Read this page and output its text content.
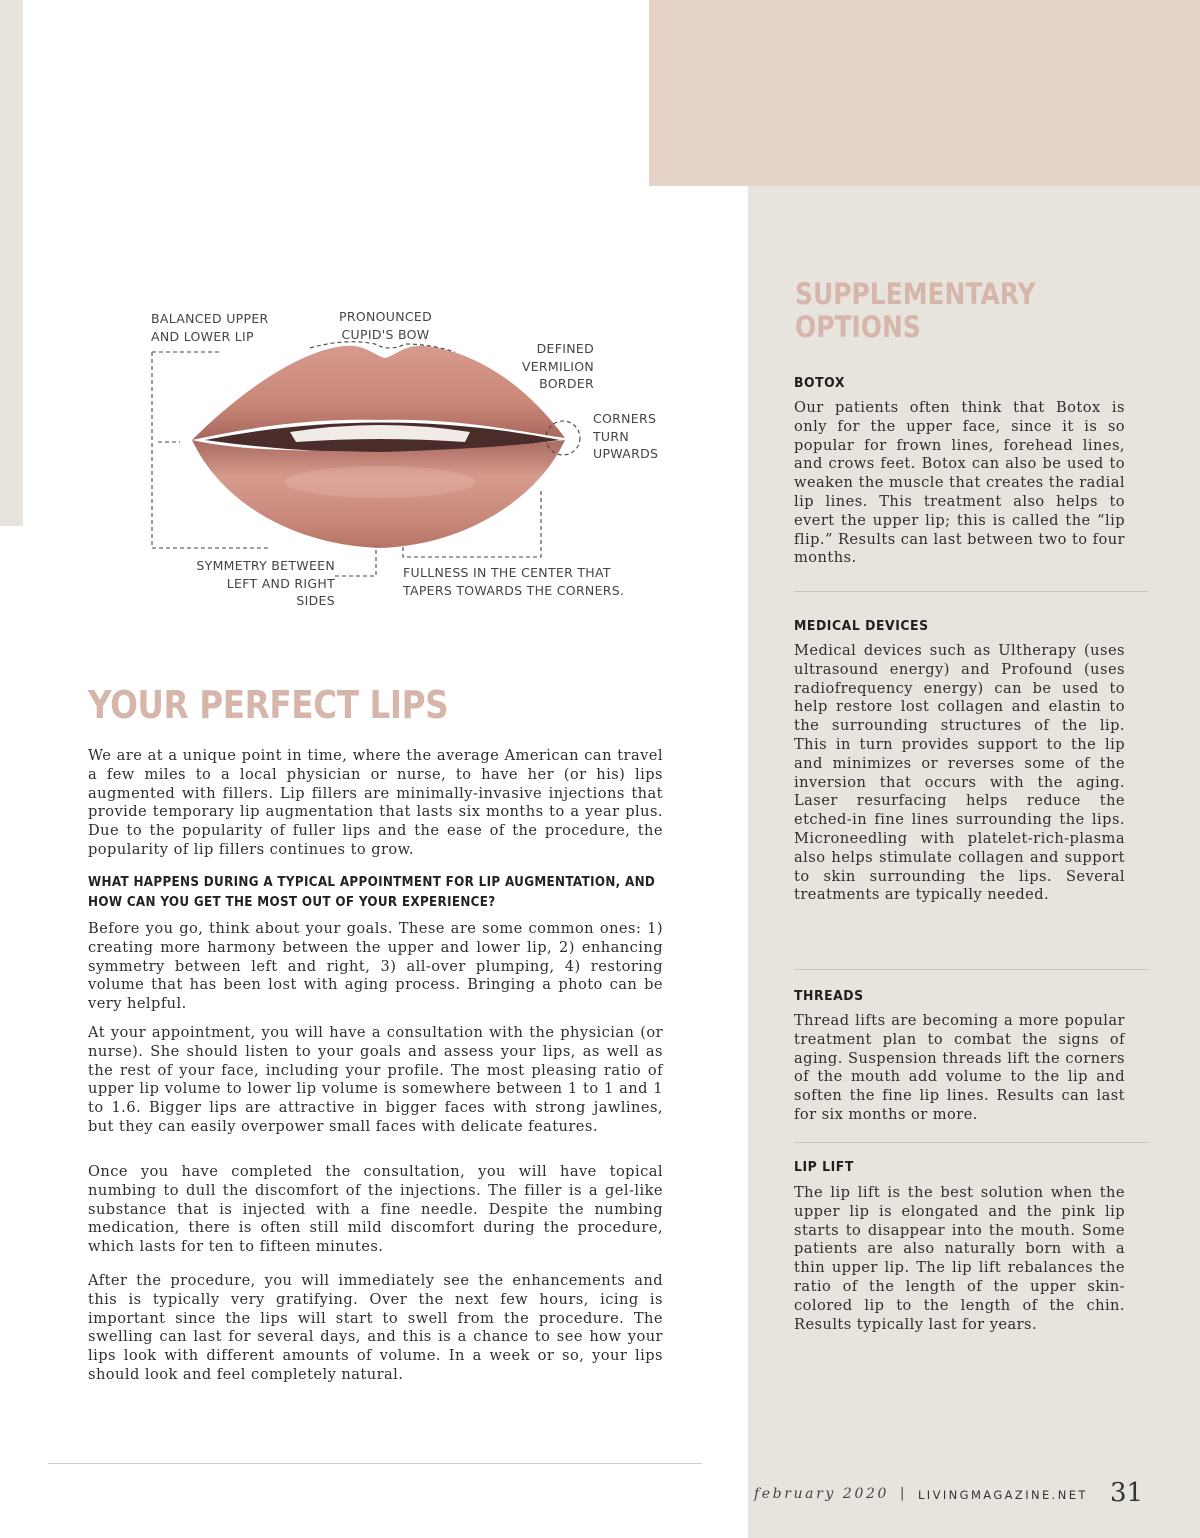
BALANCED UPPER
AND LOWER LIP
PRONOUNCED
CUPID'S BOW
DEFINED
VERMILION
BORDER
CORNERS
TURN
UPWARDS
SYMMETRY BETWEEN
LEFT AND RIGHT SIDES
FULLNESS IN THE CENTER THAT
TAPERS TOWARDS THE CORNERS.
YOUR PERFECT LIPS

We are at a unique point in time, where the average American can travel a few miles to a local physician or nurse, to have her (or his) lips augmented with fillers. Lip fillers are minimally-invasive injections that provide temporary lip augmentation that lasts six months to a year plus. Due to the popularity of fuller lips and the ease of the procedure, the popularity of lip fillers continues to grow.

WHAT HAPPENS DURING A TYPICAL APPOINTMENT FOR LIP AUGMENTATION, AND HOW CAN YOU GET THE MOST OUT OF YOUR EXPERIENCE?

Before you go, think about your goals. These are some common ones: 1) creating more harmony between the upper and lower lip, 2) enhancing symmetry between left and right, 3) all-over plumping, 4) restoring volume that has been lost with aging process. Bringing a photo can be very helpful.

At your appointment, you will have a consultation with the physician (or nurse). She should listen to your goals and assess your lips, as well as the rest of your face, including your profile. The most pleasing ratio of upper lip volume to lower lip volume is somewhere between 1 to 1 and 1 to 1.6. Bigger lips are attractive in bigger faces with strong jawlines, but they can easily overpower small faces with delicate features.

Once you have completed the consultation, you will have topical numbing to dull the discomfort of the injections. The filler is a gel-like substance that is injected with a fine needle. Despite the numbing medication, there is often still mild discomfort during the procedure, which lasts for ten to fifteen minutes.

After the procedure, you will immediately see the enhancements and this is typically very gratifying. Over the next few hours, icing is important since the lips will start to swell from the procedure. The swelling can last for several days, and this is a chance to see how your lips look with different amounts of volume. In a week or so, your lips should look and feel completely natural.

SUPPLEMENTARY
OPTIONS
BOTOX

Our patients often think that Botox is only for the upper face, since it is so popular for frown lines, forehead lines, and crows feet. Botox can also be used to weaken the muscle that creates the radial lip lines. This treatment also helps to evert the upper lip; this is called the “lip flip.” Results can last between two to four months.

MEDICAL DEVICES

Medical devices such as Ultherapy (uses ultrasound energy) and Profound (uses radiofrequency energy) can be used to help restore lost collagen and elastin to the surrounding structures of the lip. This in turn provides support to the lip and minimizes or reverses some of the inversion that occurs with the aging. Laser resurfacing helps reduce the etched-in fine lines surrounding the lips. Microneedling with platelet-rich-plasma also helps stimulate collagen and support to skin surrounding the lips. Several treatments are typically needed.

THREADS

Thread lifts are becoming a more popular treatment plan to combat the signs of aging. Suspension threads lift the corners of the mouth add volume to the lip and soften the fine lip lines. Results can last for six months or more.

LIP LIFT

The lip lift is the best solution when the upper lip is elongated and the pink lip starts to disappear into the mouth. Some patients are also naturally born with a thin upper lip. The lip lift rebalances the ratio of the length of the upper skin-colored lip to the length of the chin. Results typically last for years.

february 2020 | LIVINGMAGAZINE.NET 31
